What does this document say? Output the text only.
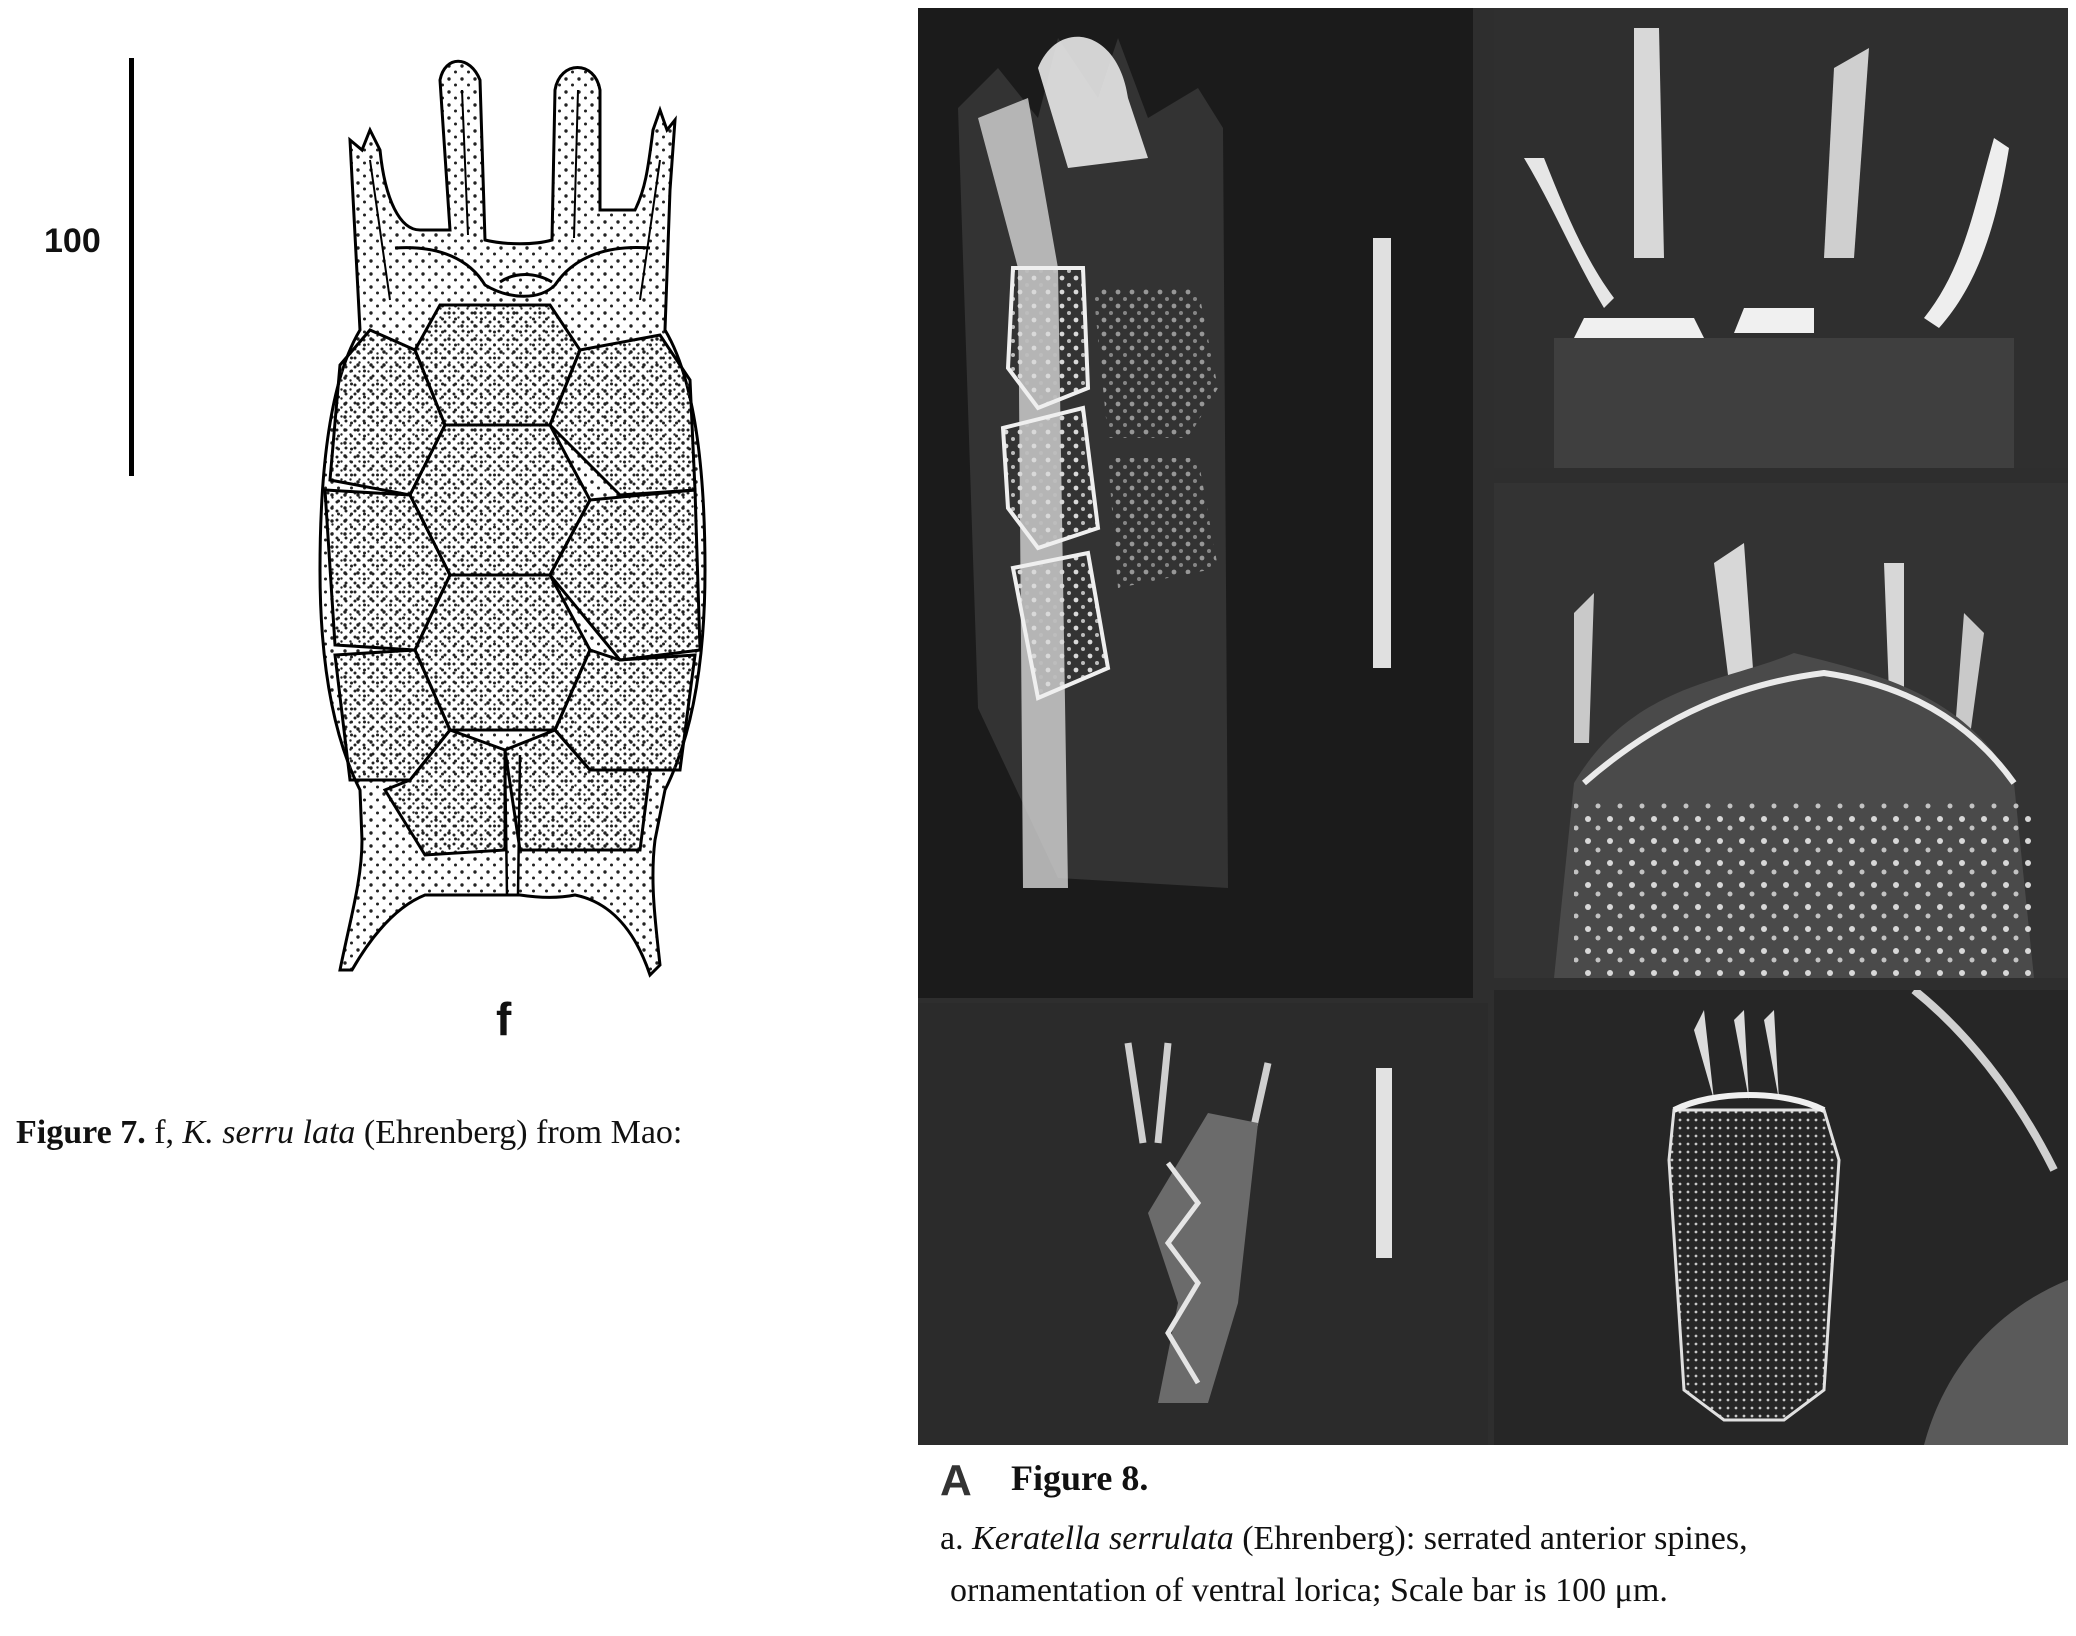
100
f
Figure 7. f, K. serru lata (Ehrenberg) from Mao:
A Figure 8.
a. Keratella serrulata (Ehrenberg): serrated anterior spines,
ornamentation of ventral lorica; Scale bar is 100 μm.
